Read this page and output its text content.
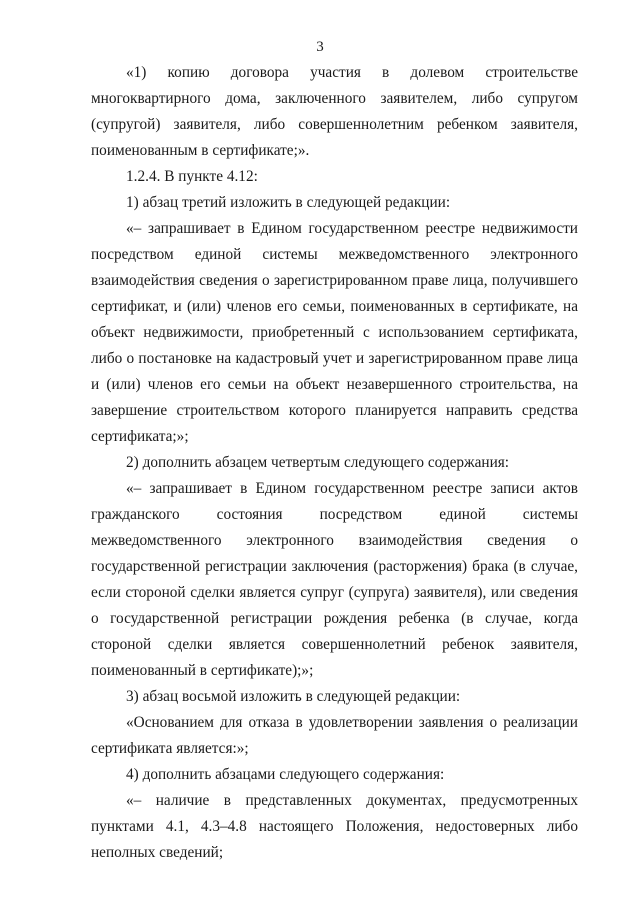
3

«1) копию договора участия в долевом строительстве многоквартирного дома, заключенного заявителем, либо супругом (супругой) заявителя, либо совершеннолетним ребенком заявителя, поименованным в сертификате;».

1.2.4. В пункте 4.12:

1) абзац третий изложить в следующей редакции:

«– запрашивает в Едином государственном реестре недвижимости посредством единой системы межведомственного электронного взаимодействия сведения о зарегистрированном праве лица, получившего сертификат, и (или) членов его семьи, поименованных в сертификате, на объект недвижимости, приобретенный с использованием сертификата, либо о постановке на кадастровый учет и зарегистрированном праве лица и (или) членов его семьи на объект незавершенного строительства, на завершение строительством которого планируется направить средства сертификата;»;

2) дополнить абзацем четвертым следующего содержания:

«– запрашивает в Едином государственном реестре записи актов гражданского состояния посредством единой системы межведомственного электронного взаимодействия сведения о государственной регистрации заключения (расторжения) брака (в случае, если стороной сделки является супруг (супруга) заявителя), или сведения о государственной регистрации рождения ребенка (в случае, когда стороной сделки является совершеннолетний ребенок заявителя, поименованный в сертификате);»;

3) абзац восьмой изложить в следующей редакции:

«Основанием для отказа в удовлетворении заявления о реализации сертификата является:»;

4) дополнить абзацами следующего содержания:

«– наличие в представленных документах, предусмотренных пунктами 4.1, 4.3–4.8 настоящего Положения, недостоверных либо неполных сведений;
